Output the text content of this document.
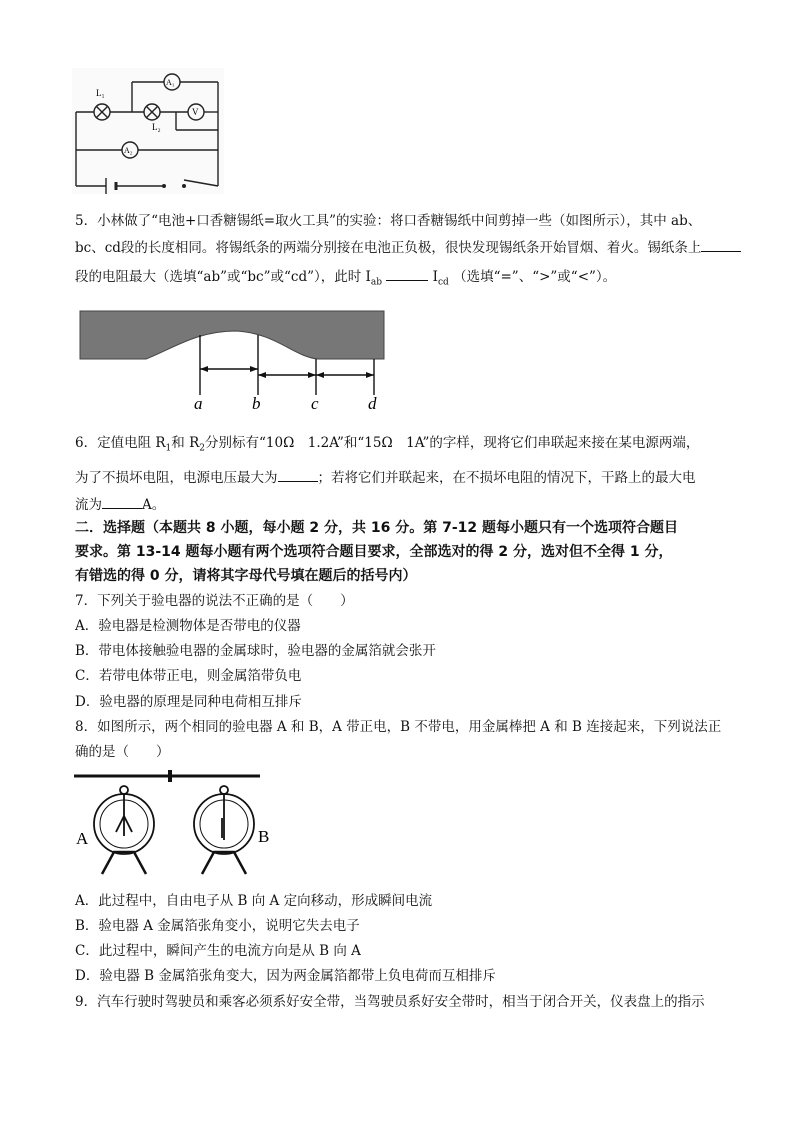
L₁
L₂
A₁
A₂
V
5．小林做了“电池+口香糖锡纸=取火工具”的实验：将口香糖锡纸中间剪掉一些（如图所示），其中 ab、
bc、cd段的长度相同。将锡纸条的两端分别接在电池正负极，很快发现锡纸条开始冒烟、着火。锡纸条上
段的电阻最大（选填“ab”或“bc”或“cd”），此时 $I_{ab}$	$I_{cd}$ （选填“=”、“>”或“<”）。
a	b	c	d
6．定值电阻 $R_1$和 $R_2$分别标有“10Ω　1.2A”和“15Ω　1A”的字样，现将它们串联起来接在某电源两端，
为了不损坏电阻，电源电压最大为	；若将它们并联起来，在不损坏电阻的情况下，干路上的最大电
流为	A。
二．选择题（本题共 8 小题，每小题 2 分，共 16 分。第 7-12 题每小题只有一个选项符合题目
要求。第 13-14 题每小题有两个选项符合题目要求，全部选对的得 2 分，选对但不全得 1 分，
有错选的得 0 分，请将其字母代号填在题后的括号内）
7．下列关于验电器的说法不正确的是（　　）
A．验电器是检测物体是否带电的仪器
B．带电体接触验电器的金属球时，验电器的金属箔就会张开
C．若带电体带正电，则金属箔带负电
D．验电器的原理是同种电荷相互排斥
8．如图所示，两个相同的验电器 A 和 B，A 带正电，B 不带电，用金属棒把 A 和 B 连接起来，下列说法正
确的是（　　）
A	B
A．此过程中，自由电子从 B 向 A 定向移动，形成瞬间电流
B．验电器 A 金属箔张角变小，说明它失去电子
C．此过程中，瞬间产生的电流方向是从 B 向 A
D．验电器 B 金属箔张角变大，因为两金属箔都带上负电荷而互相排斥
9．汽车行驶时驾驶员和乘客必须系好安全带，当驾驶员系好安全带时，相当于闭合开关，仪表盘上的指示
